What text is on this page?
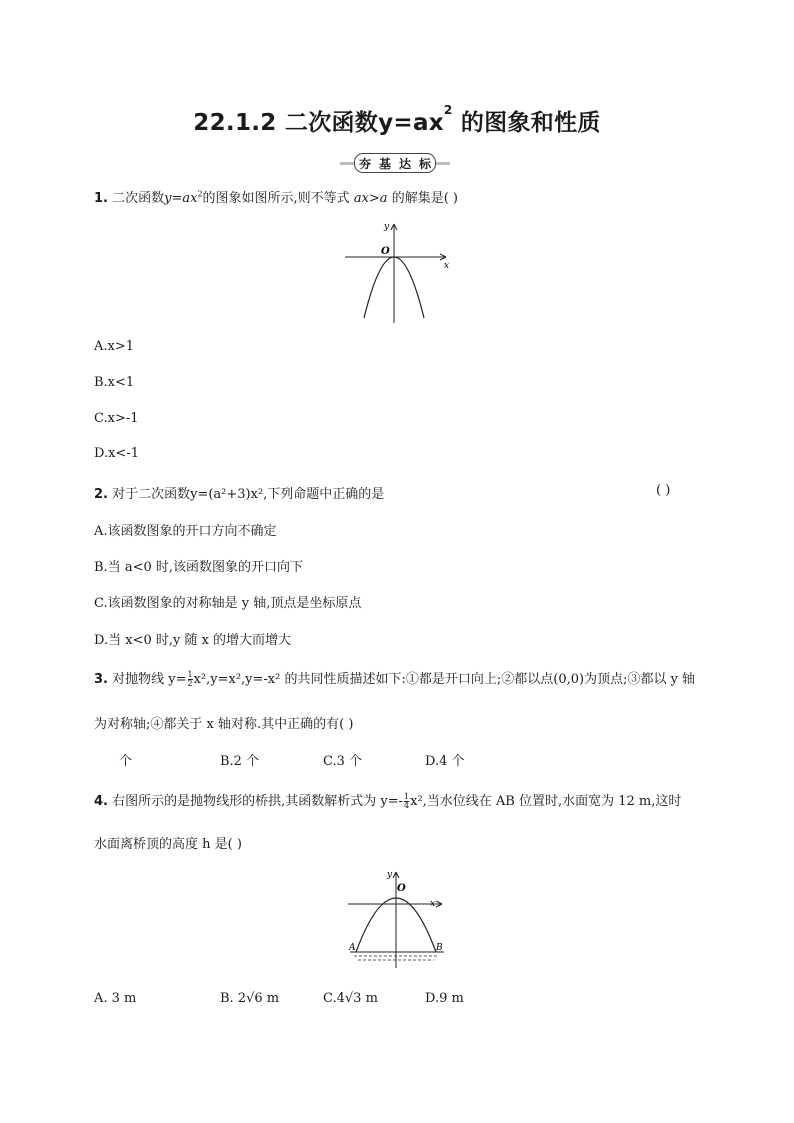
22.1.2 二次函数$y=ax^2$ 的图象和性质
夯 基 达 标
1. 二次函数$y=ax^2$的图象如图所示,则不等式 ax>a 的解集是( )
y
O
x
A.x>1
B.x<1
C.x>-1
D.x<-1
2. 对于二次函数y=(a²+3)x²,下列命题中正确的是	( )
A.该函数图象的开口方向不确定
B.当 a<0 时,该函数图象的开口向下
C.该函数图象的对称轴是 y 轴,顶点是坐标原点
D.当 x<0 时,y 随 x 的增大而增大
3. 对抛物线 $y= \frac{1}{2} x^2,y=x^2,y=-x^2$ 的共同性质描述如下:①都是开口向上;②都以点(0,0)为顶点;③都以 y 轴
为对称轴;④都关于 x 轴对称.其中正确的有( )
个	B.2 个	C.3 个	D.4 个
4. 右图所示的是抛物线形的桥拱,其函数解析式为 $y=- \frac{1}{4} x^2$,当水位线在 AB 位置时,水面宽为 12 m,这时
水面离桥顶的高度 h 是( )
y
O
x
A	B
A. 3 m	B. 2√6 m	C.4√3 m	D.9 m
